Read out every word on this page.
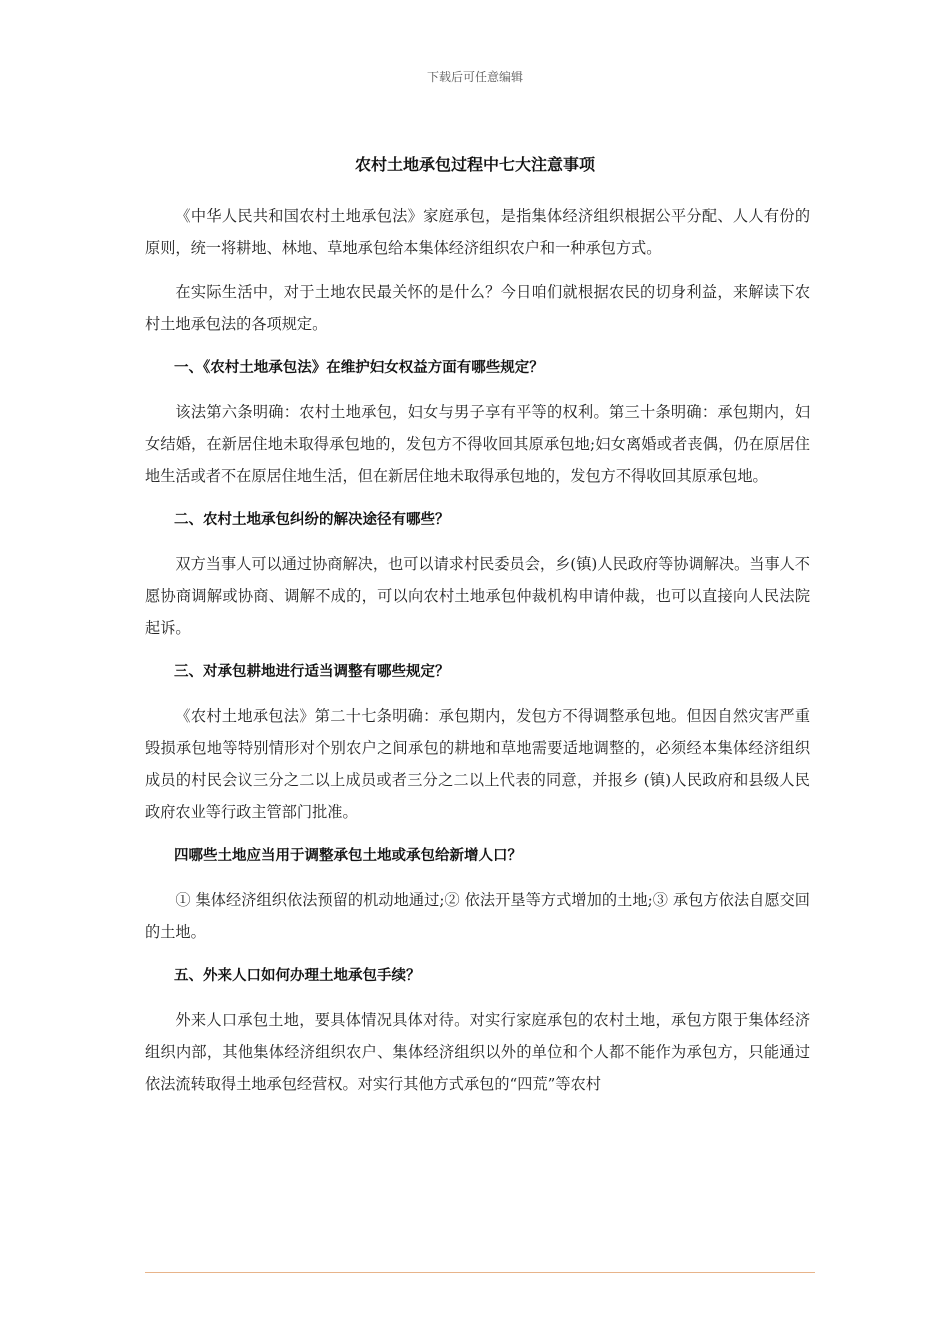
下载后可任意编辑
农村土地承包过程中七大注意事项

《中华人民共和国农村土地承包法》家庭承包，是指集体经济组织根据公平分配、人人有份的原则，统一将耕地、林地、草地承包给本集体经济组织农户和一种承包方式。

在实际生活中，对于土地农民最关怀的是什么？今日咱们就根据农民的切身利益，来解读下农村土地承包法的各项规定。

一、《农村土地承包法》在维护妇女权益方面有哪些规定？

该法第六条明确：农村土地承包，妇女与男子享有平等的权利。第三十条明确：承包期内，妇女结婚，在新居住地未取得承包地的，发包方不得收回其原承包地;妇女离婚或者丧偶，仍在原居住地生活或者不在原居住地生活，但在新居住地未取得承包地的，发包方不得收回其原承包地。

二、农村土地承包纠纷的解决途径有哪些？

双方当事人可以通过协商解决，也可以请求村民委员会，乡(镇)人民政府等协调解决。当事人不愿协商调解或协商、调解不成的，可以向农村土地承包仲裁机构申请仲裁，也可以直接向人民法院起诉。

三、对承包耕地进行适当调整有哪些规定？

《农村土地承包法》第二十七条明确：承包期内，发包方不得调整承包地。但因自然灾害严重毁损承包地等特别情形对个别农户之间承包的耕地和草地需要适地调整的，必须经本集体经济组织成员的村民会议三分之二以上成员或者三分之二以上代表的同意，并报乡 (镇)人民政府和县级人民政府农业等行政主管部门批准。

四哪些土地应当用于调整承包土地或承包给新增人口？

① 集体经济组织依法预留的机动地通过;② 依法开垦等方式增加的土地;③ 承包方依法自愿交回的土地。

五、外来人口如何办理土地承包手续？

外来人口承包土地，要具体情况具体对待。对实行家庭承包的农村土地，承包方限于集体经济组织内部，其他集体经济组织农户、集体经济组织以外的单位和个人都不能作为承包方，只能通过依法流转取得土地承包经营权。对实行其他方式承包的“四荒”等农村
